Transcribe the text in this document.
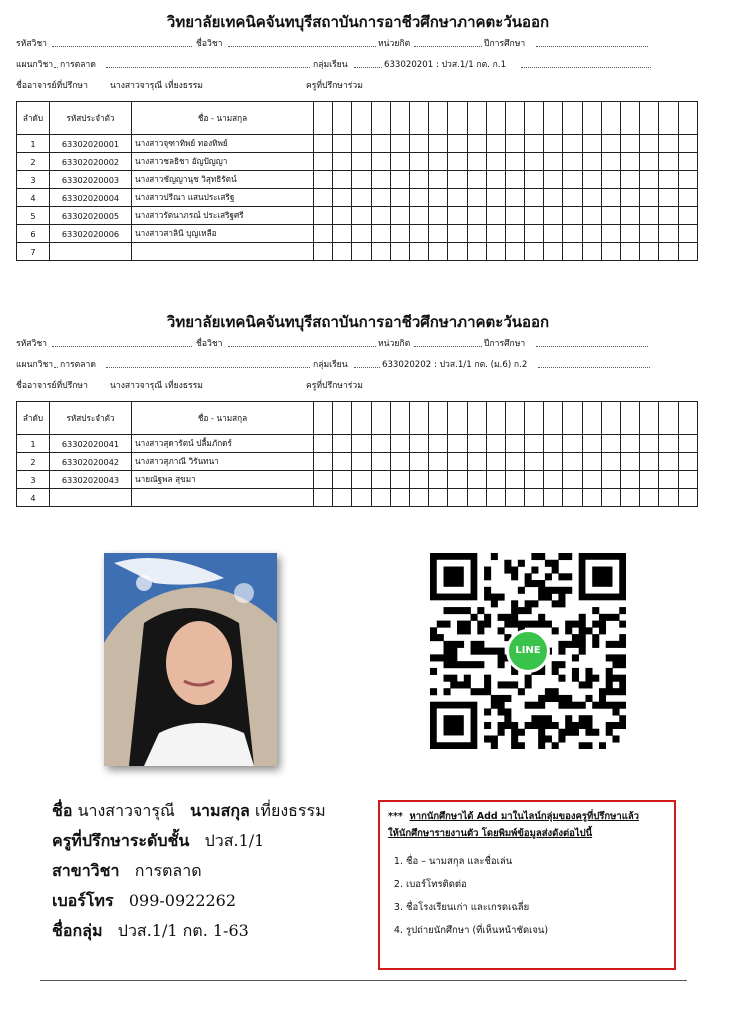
วิทยาลัยเทคนิคจันทบุรีสถาบันการอาชีวศึกษาภาคตะวันออก
รหัสวิชา	ชื่อวิชา	หน่วยกิต	ปีการศึกษา
แผนกวิชา การตลาด	กลุ่มเรียน	633020201 : ปวส.1/1 กต. ก.1
ชื่ออาจารย์ที่ปรึกษา	นางสาวจารุณี เที่ยงธรรม	ครูที่ปรึกษาร่วม
ลำดับ	รหัสประจำตัว	ชื่อ - นามสกุล																				
1	63302020001	นางสาวจุฑาทิพย์ ทองทิพย์																				
2	63302020002	นางสาวชลธิชา อัญปัญญา																				
3	63302020003	นางสาวชัญญานุช วิสุทธิรัตน์																				
4	63302020004	นางสาวปรีณา แสนประเสริฐ																				
5	63302020005	นางสาวรัตนาภรณ์ ประเสริฐศรี																				
6	63302020006	นางสาวสาลินี บุญเหลือ																				
7																						
วิทยาลัยเทคนิคจันทบุรีสถาบันการอาชีวศึกษาภาคตะวันออก
รหัสวิชา	ชื่อวิชา	หน่วยกิต	ปีการศึกษา
แผนกวิชา การตลาด	กลุ่มเรียน	633020202 : ปวส.1/1 กต. (ม.6) ก.2
ชื่ออาจารย์ที่ปรึกษา	นางสาวจารุณี เที่ยงธรรม	ครูที่ปรึกษาร่วม
ลำดับ	รหัสประจำตัว	ชื่อ - นามสกุล																				
1	63302020041	นางสาวสุดารัตน์ ปลื้มภักดร์																				
2	63302020042	นางสาวสุภาณี วิรันทนา																				
3	63302020043	นายณัฐพล สุขมา																				
4																						
LINE
ชื่อ นางสาวจารุณี นามสกุล เที่ยงธรรม
ครูที่ปรึกษาระดับชั้น ปวส.1/1
สาขาวิชา การตลาด
เบอร์โทร 099-0922262
ชื่อกลุ่ม ปวส.1/1 กต. 1-63
*** หากนักศึกษาได้ Add มาในไลน์กลุ่มของครูที่ปรึกษาแล้ว
ให้นักศึกษารายงานตัว โดยพิมพ์ข้อมูลส่งดังต่อไปนี้
1. ชื่อ – นามสกุล และชื่อเล่น
2. เบอร์โทรติดต่อ
3. ชื่อโรงเรียนเก่า และเกรดเฉลี่ย
4. รูปถ่ายนักศึกษา (ที่เห็นหน้าชัดเจน)
